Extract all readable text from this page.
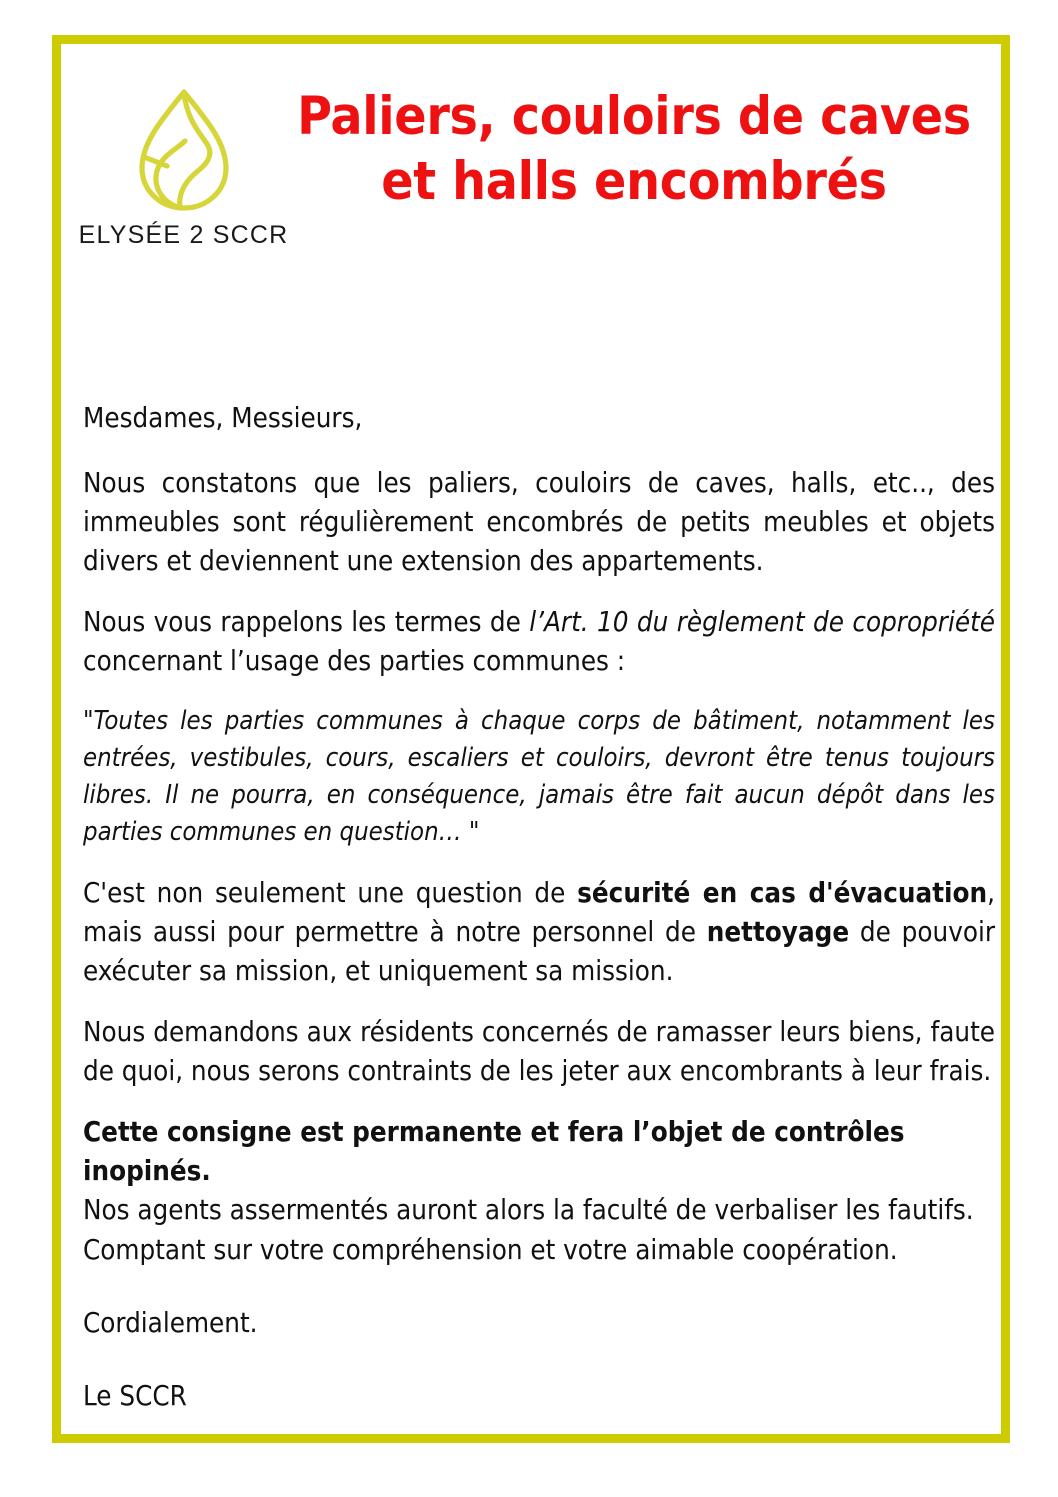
ELYSÉE 2 SCCR
Paliers, couloirs de caves
et halls encombrés

Mesdames, Messieurs,

Nous constatons que les paliers, couloirs de caves, halls, etc.., des immeubles sont régulièrement encombrés de petits meubles et objets divers et deviennent une extension des appartements.

Nous vous rappelons les termes de l’Art. 10 du règlement de copropriété concernant l’usage des parties communes :

"Toutes les parties communes à chaque corps de bâtiment, notamment les entrées, vestibules, cours, escaliers et couloirs, devront être tenus toujours libres. Il ne pourra, en conséquence, jamais être fait aucun dépôt dans les parties communes en question… "

C'est non seulement une question de sécurité en cas d'évacuation, mais aussi pour permettre à notre personnel de nettoyage de pouvoir exécuter sa mission, et uniquement sa mission.

Nous demandons aux résidents concernés de ramasser leurs biens, faute de quoi, nous serons contraints de les jeter aux encombrants à leur frais.

Cette consigne est permanente et fera l’objet de contrôles inopinés.

Nos agents assermentés auront alors la faculté de verbaliser les fautifs.

Comptant sur votre compréhension et votre aimable coopération.

Cordialement.

Le SCCR
